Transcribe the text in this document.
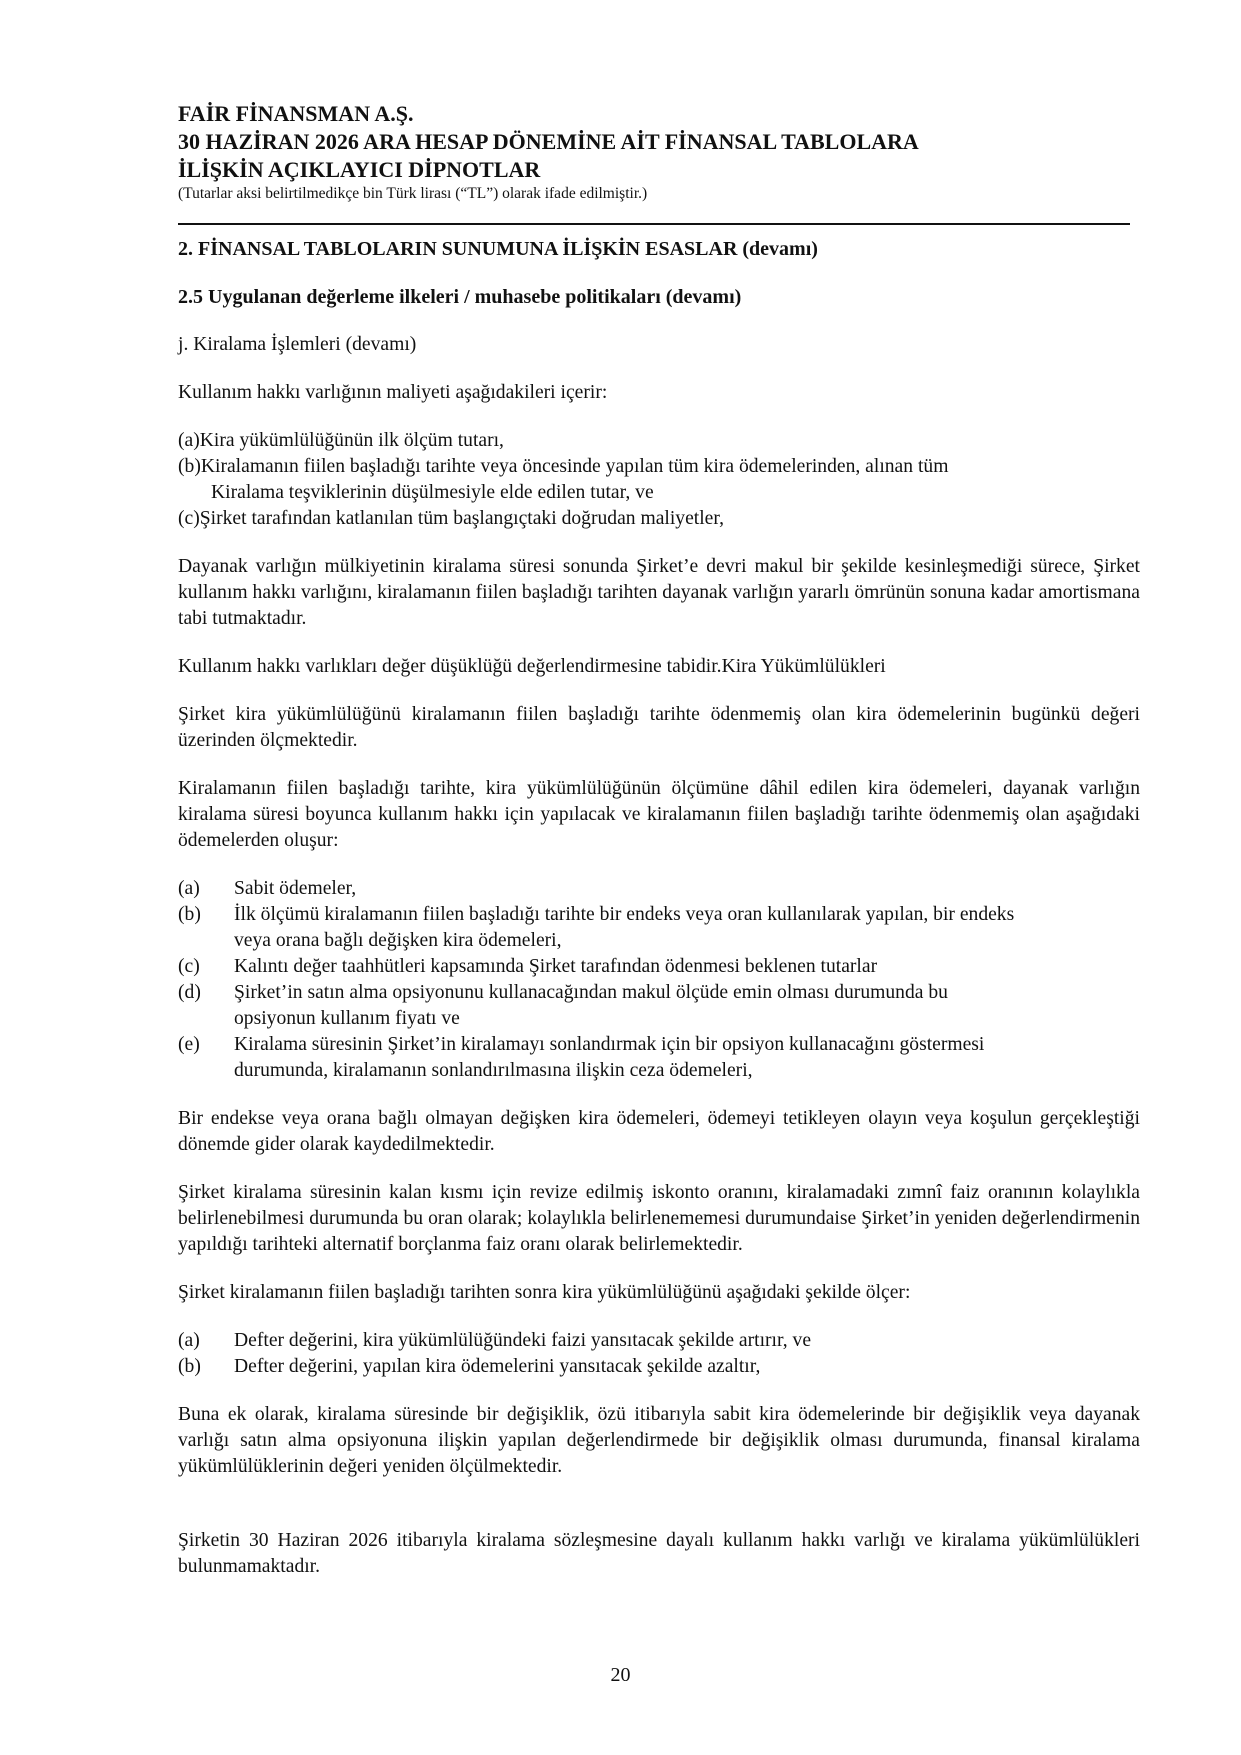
FAİR FİNANSMAN A.Ş.
30 HAZİRAN 2026 ARA HESAP DÖNEMİNE AİT FİNANSAL TABLOLARA
İLİŞKİN AÇIKLAYICI DİPNOTLAR
(Tutarlar aksi belirtilmedikçe bin Türk lirası (“TL”) olarak ifade edilmiştir.)

2. FİNANSAL TABLOLARIN SUNUMUNA İLİŞKİN ESASLAR (devamı)

2.5 Uygulanan değerleme ilkeleri / muhasebe politikaları (devamı)

j. Kiralama İşlemleri (devamı)

Kullanım hakkı varlığının maliyeti aşağıdakileri içerir:

(a) Kira yükümlülüğünün ilk ölçüm tutarı,
(b) Kiralamanın fiilen başladığı tarihte veya öncesinde yapılan tüm kira ödemelerinden, alınan tüm
Kiralama teşviklerinin düşülmesiyle elde edilen tutar, ve
(c) Şirket tarafından katlanılan tüm başlangıçtaki doğrudan maliyetler,

Dayanak varlığın mülkiyetinin kiralama süresi sonunda Şirket’e devri makul bir şekilde kesinleşmediği sürece, Şirket kullanım hakkı varlığını, kiralamanın fiilen başladığı tarihten dayanak varlığın yararlı ömrünün sonuna kadar amortismana tabi tutmaktadır.

Kullanım hakkı varlıkları değer düşüklüğü değerlendirmesine tabidir.Kira Yükümlülükleri

Şirket kira yükümlülüğünü kiralamanın fiilen başladığı tarihte ödenmemiş olan kira ödemelerinin bugünkü değeri üzerinden ölçmektedir.

Kiralamanın fiilen başladığı tarihte, kira yükümlülüğünün ölçümüne dâhil edilen kira ödemeleri, dayanak varlığın kiralama süresi boyunca kullanım hakkı için yapılacak ve kiralamanın fiilen başladığı tarihte ödenmemiş olan aşağıdaki ödemelerden oluşur:

(a)	Sabit ödemeler,
(b)	İlk ölçümü kiralamanın fiilen başladığı tarihte bir endeks veya oran kullanılarak yapılan, bir endeks
veya orana bağlı değişken kira ödemeleri,
(c)	Kalıntı değer taahhütleri kapsamında Şirket tarafından ödenmesi beklenen tutarlar
(d)	Şirket’in satın alma opsiyonunu kullanacağından makul ölçüde emin olması durumunda bu
opsiyonun kullanım fiyatı ve
(e)	Kiralama süresinin Şirket’in kiralamayı sonlandırmak için bir opsiyon kullanacağını göstermesi
durumunda, kiralamanın sonlandırılmasına ilişkin ceza ödemeleri,

Bir endekse veya orana bağlı olmayan değişken kira ödemeleri, ödemeyi tetikleyen olayın veya koşulun gerçekleştiği dönemde gider olarak kaydedilmektedir.

Şirket kiralama süresinin kalan kısmı için revize edilmiş iskonto oranını, kiralamadaki zımnî faiz oranının kolaylıkla belirlenebilmesi durumunda bu oran olarak; kolaylıkla belirlenememesi durumundaise Şirket’in yeniden değerlendirmenin yapıldığı tarihteki alternatif borçlanma faiz oranı olarak belirlemektedir.

Şirket kiralamanın fiilen başladığı tarihten sonra kira yükümlülüğünü aşağıdaki şekilde ölçer:

(a)	Defter değerini, kira yükümlülüğündeki faizi yansıtacak şekilde artırır, ve
(b)	Defter değerini, yapılan kira ödemelerini yansıtacak şekilde azaltır,

Buna ek olarak, kiralama süresinde bir değişiklik, özü itibarıyla sabit kira ödemelerinde bir değişiklik veya dayanak varlığı satın alma opsiyonuna ilişkin yapılan değerlendirmede bir değişiklik olması durumunda, finansal kiralama yükümlülüklerinin değeri yeniden ölçülmektedir.

Şirketin 30 Haziran 2026 itibarıyla kiralama sözleşmesine dayalı kullanım hakkı varlığı ve kiralama yükümlülükleri bulunmamaktadır.

20
